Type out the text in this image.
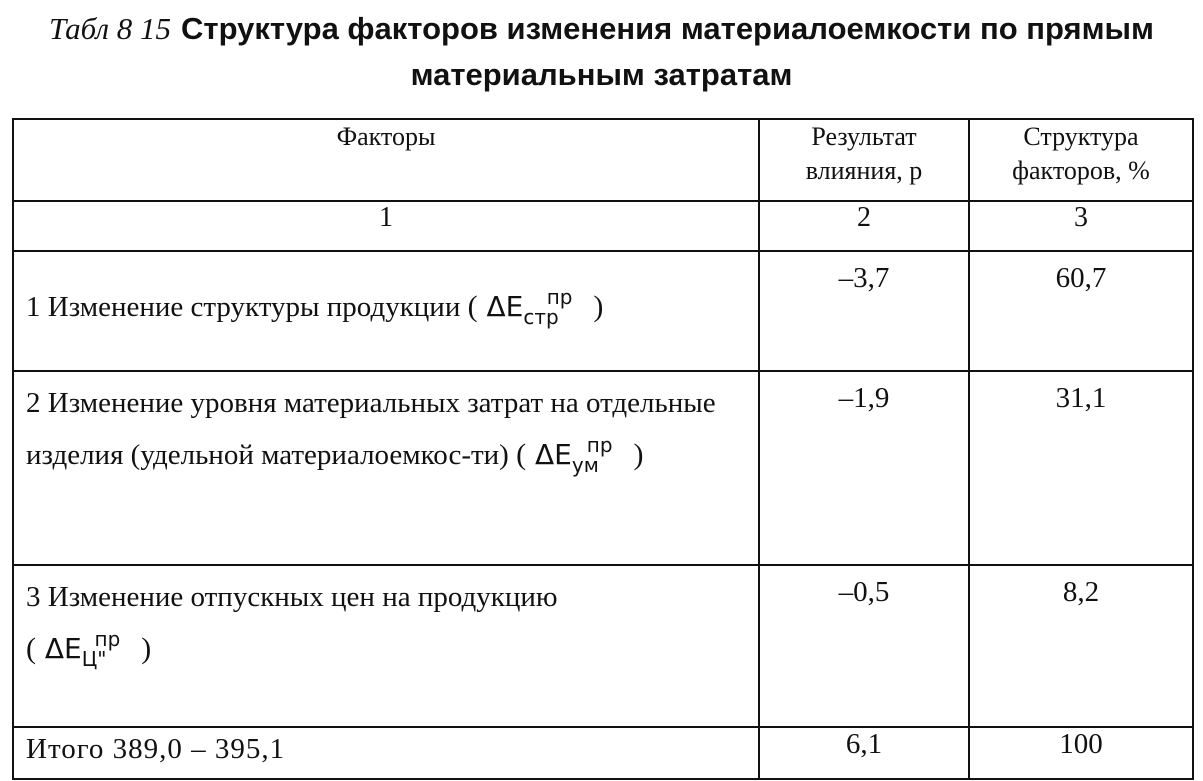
Табл 8 15 Структура факторов изменения материалоемкости по прямым
материальным затратам
Факторы	Результат влияния, р	Структура факторов, %
1	2	3
1 Изменение структуры продукции ( $\Delta E_{стр}^{пр}$ )	–3,7	60,7
2 Изменение уровня материальных затрат на отдельные изделия (удельной материалоемкос-ти) ( $\Delta E_{ум}^{пр}$ )	–1,9	31,1
3 Изменение отпускных цен на продукцию
( $\Delta E_{Ц"}^{пр}$ )	–0,5	8,2
Итого 389,0 – 395,1	6,1	100
